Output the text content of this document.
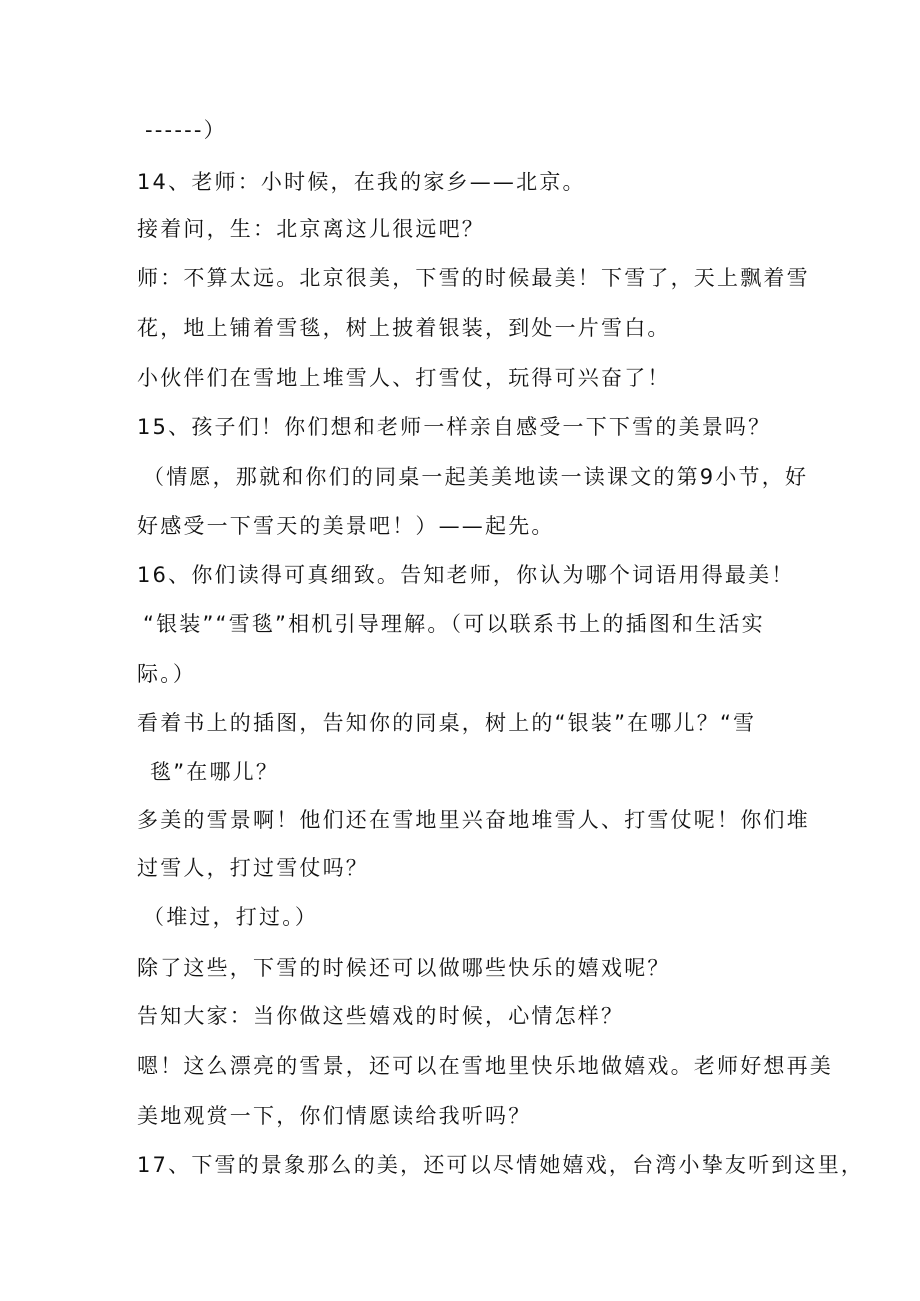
------）
14、老师：小时候，在我的家乡——北京。
接着问，生：北京离这儿很远吧？
师：不算太远。北京很美，下雪的时候最美！下雪了，天上飘着雪
花，地上铺着雪毯，树上披着银装，到处一片雪白。
小伙伴们在雪地上堆雪人、打雪仗，玩得可兴奋了！
15、孩子们！你们想和老师一样亲自感受一下下雪的美景吗？
（情愿，那就和你们的同桌一起美美地读一读课文的第9小节，好
好感受一下雪天的美景吧！）——起先。
16、你们读得可真细致。告知老师，你认为哪个词语用得最美！
“银装”“雪毯”相机引导理解。（可以联系书上的插图和生活实
际。）
看着书上的插图，告知你的同桌，树上的“银装”在哪儿？“雪
毯”在哪儿？
多美的雪景啊！他们还在雪地里兴奋地堆雪人、打雪仗呢！你们堆
过雪人，打过雪仗吗？
（堆过，打过。）
除了这些，下雪的时候还可以做哪些快乐的嬉戏呢？
告知大家：当你做这些嬉戏的时候，心情怎样？
嗯！这么漂亮的雪景，还可以在雪地里快乐地做嬉戏。老师好想再美
美地观赏一下，你们情愿读给我听吗？
17、下雪的景象那么的美，还可以尽情她嬉戏，台湾小挚友听到这里，
